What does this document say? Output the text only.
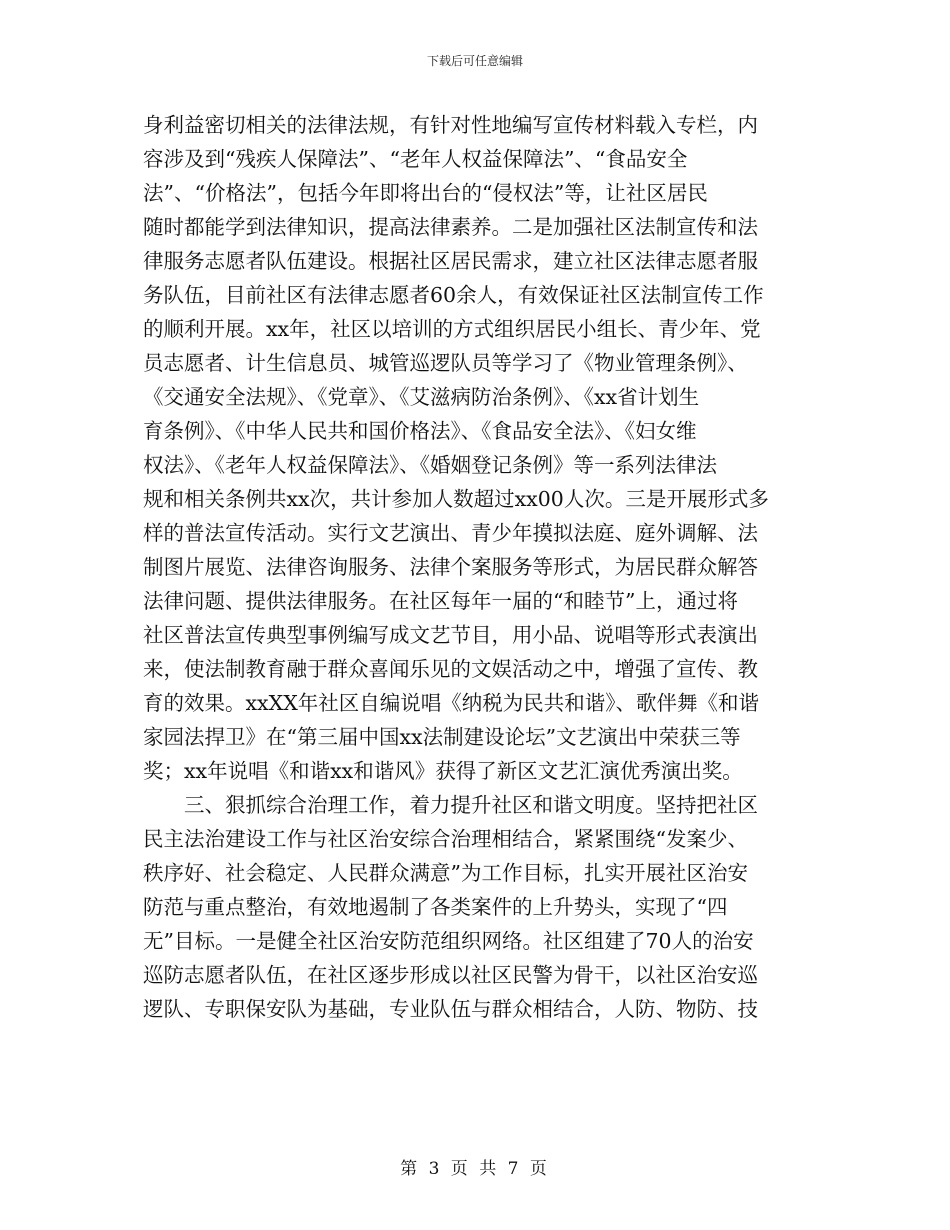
下载后可任意编辑
身利益密切相关的法律法规，有针对性地编写宣传材料载入专栏，内
容涉及到“残疾人保障法”、“老年人权益保障法”、“食品安全
法”、“价格法”，包括今年即将出台的“侵权法”等，让社区居民
随时都能学到法律知识，提高法律素养。二是加强社区法制宣传和法
律服务志愿者队伍建设。根据社区居民需求，建立社区法律志愿者服
务队伍，目前社区有法律志愿者60余人，有效保证社区法制宣传工作
的顺利开展。xx年，社区以培训的方式组织居民小组长、青少年、党
员志愿者、计生信息员、城管巡逻队员等学习了《物业管理条例》、
《交通安全法规》、《党章》、《艾滋病防治条例》、《xx省计划生
育条例》、《中华人民共和国价格法》、《食品安全法》、《妇女维
权法》、《老年人权益保障法》、《婚姻登记条例》等一系列法律法
规和相关条例共xx次，共计参加人数超过xx00人次。三是开展形式多
样的普法宣传活动。实行文艺演出、青少年摸拟法庭、庭外调解、法
制图片展览、法律咨询服务、法律个案服务等形式，为居民群众解答
法律问题、提供法律服务。在社区每年一届的“和睦节”上，通过将
社区普法宣传典型事例编写成文艺节目，用小品、说唱等形式表演出
来，使法制教育融于群众喜闻乐见的文娱活动之中，增强了宣传、教
育的效果。xxXX年社区自编说唱《纳税为民共和谐》、歌伴舞《和谐
家园法捍卫》在“第三届中国xx法制建设论坛”文艺演出中荣获三等
奖；xx年说唱《和谐xx和谐风》获得了新区文艺汇演优秀演出奖。
三、狠抓综合治理工作，着力提升社区和谐文明度。坚持把社区
民主法治建设工作与社区治安综合治理相结合，紧紧围绕“发案少、
秩序好、社会稳定、人民群众满意”为工作目标，扎实开展社区治安
防范与重点整治，有效地遏制了各类案件的上升势头，实现了“四
无”目标。一是健全社区治安防范组织网络。社区组建了70人的治安
巡防志愿者队伍，在社区逐步形成以社区民警为骨干，以社区治安巡
逻队、专职保安队为基础，专业队伍与群众相结合，人防、物防、技
第 3 页 共 7 页
